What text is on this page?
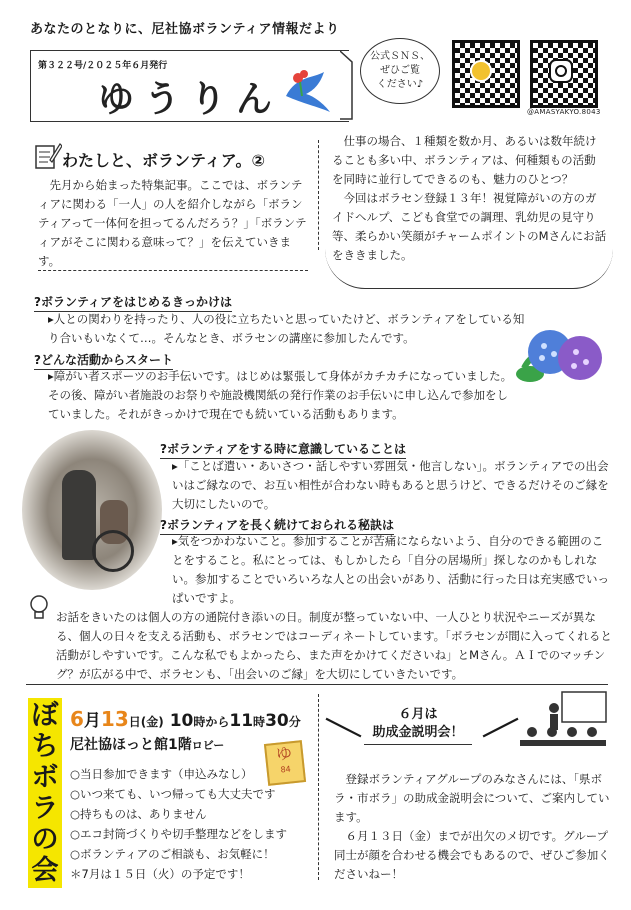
あなたのとなりに、尼社協ボランティア情報だより
第３２２号/２０２５年６月発行
ゆうりん
公式ＳＮＳ、
ぜひご覧
ください♪
@AMASYAKYO.8043
わたしと、ボランティア。②
　先月から始まった特集記事。ここでは、ボランティアに関わる「一人」の人を紹介しながら「ボランティアって一体何を担ってるんだろう？」「ボランティアがそこに関わる意味って？」を伝えていきます。
　仕事の場合、１種類を数か月、あるいは数年続けることも多い中、ボランティアは、何種類もの活動を同時に並行してできるのも、魅力のひとつ？
　今回はボラセン登録１３年！視覚障がいの方のガイドヘルプ、こども食堂での調理、乳幼児の見守り等、柔らかい笑顔がチャームポイントのMさんにお話をききました。
?ボランティアをはじめるきっかけは
▸人との関わりを持ったり、人の役に立ちたいと思っていたけど、ボランティアをしている知り合いもいなくて…。そんなとき、ボラセンの講座に参加したんです。
?どんな活動からスタート
▸障がい者スポーツのお手伝いです。はじめは緊張して身体がカチカチになっていました。その後、障がい者施設のお祭りや施設機関紙の発行作業のお手伝いに申し込んで参加をしていました。それがきっかけで現在でも続いている活動もあります。
?ボランティアをする時に意識していることは
▸「ことば遣い・あいさつ・話しやすい雰囲気・他言しない」。ボランティアでの出会いはご縁なので、お互い相性が合わない時もあると思うけど、できるだけそのご縁を大切にしたいので。
?ボランティアを長く続けておられる秘訣は
▸気をつかわないこと。参加することが苦痛にならないよう、自分のできる範囲のことをすること。私にとっては、もしかしたら「自分の居場所」探しなのかもしれない。参加することでいろいろな人との出会いがあり、活動に行った日は充実感でいっぱいですよ。
お話をきいたのは個人の方の通院付き添いの日。制度が整っていない中、一人ひとり状況やニーズが異なる、個人の日々を支える活動も、ボラセンではコーディネートしています。「ボラセンが間に入ってくれると活動がしやすいです。こんな私でもよかったら、また声をかけてくださいね」とMさん。ＡＩでのマッチング？が広がる中で、ボラセンも、「出会いのご縁」を大切にしていきたいです。
ぼちボラの会
6月13日(金) 10時から11時30分
尼社協ほっと館1階ロビー	ゆ
84
○当日参加できます（申込みなし）
○いつ来ても、いつ帰っても大丈夫です
○持ちものは、ありません
○エコ封筒づくりや切手整理などをします
○ボランティアのご相談も、お気軽に！
＊7月は１５日（火）の予定です！
＼	６月は
助成金説明会！ ／
　登録ボランティアグループのみなさんには、「県ボラ・市ボラ」の助成金説明会について、ご案内しています。
　６月１３日（金）までが出欠のメ切です。グループ同士が顔を合わせる機会でもあるので、ぜひご参加くださいねー！
